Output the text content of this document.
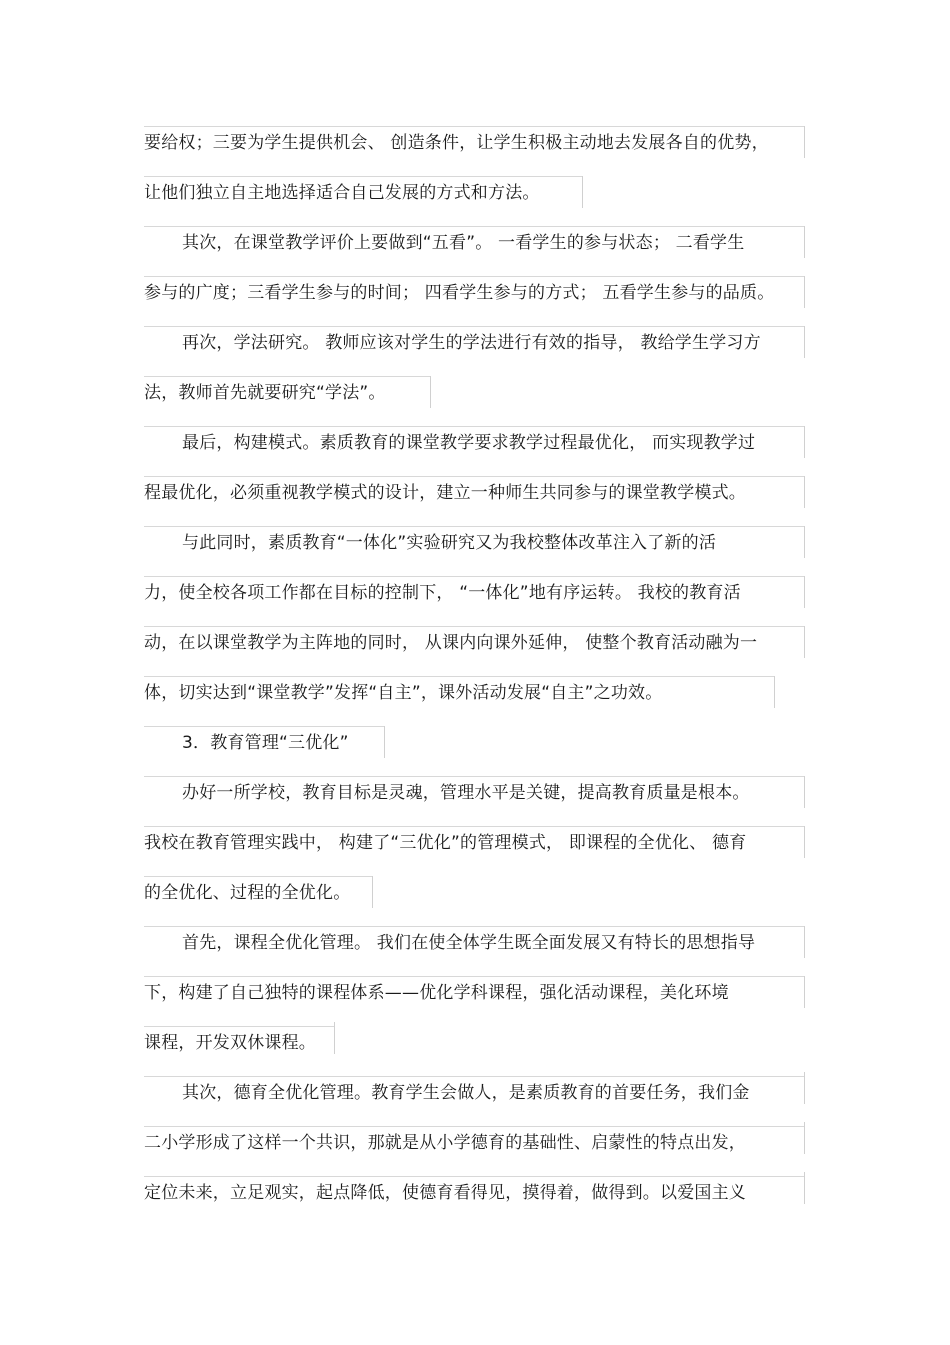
要给权；三要为学生提供机会、 创造条件，让学生积极主动地去发展各自的优势，
让他们独立自主地选择适合自己发展的方式和方法。
其次，在课堂教学评价上要做到“五看”。 一看学生的参与状态； 二看学生
参与的广度；三看学生参与的时间； 四看学生参与的方式； 五看学生参与的品质。
再次，学法研究。 教师应该对学生的学法进行有效的指导， 教给学生学习方
法，教师首先就要研究“学法”。
最后，构建模式。素质教育的课堂教学要求教学过程最优化， 而实现教学过
程最优化，必须重视教学模式的设计，建立一种师生共同参与的课堂教学模式。
与此同时，素质教育“一体化”实验研究又为我校整体改革注入了新的活
力，使全校各项工作都在目标的控制下， “一体化”地有序运转。 我校的教育活
动，在以课堂教学为主阵地的同时， 从课内向课外延伸， 使整个教育活动融为一
体，切实达到“课堂教学”发挥“自主”，课外活动发展“自主”之功效。
3．教育管理“三优化”
办好一所学校，教育目标是灵魂，管理水平是关键，提高教育质量是根本。
我校在教育管理实践中， 构建了“三优化”的管理模式， 即课程的全优化、 德育
的全优化、过程的全优化。
首先，课程全优化管理。 我们在使全体学生既全面发展又有特长的思想指导
下，构建了自己独特的课程体系——优化学科课程，强化活动课程，美化环境
课程，开发双休课程。
其次，德育全优化管理。教育学生会做人，是素质教育的首要任务，我们金
二小学形成了这样一个共识，那就是从小学德育的基础性、启蒙性的特点出发，
定位未来，立足观实，起点降低，使德育看得见，摸得着，做得到。以爱国主义
